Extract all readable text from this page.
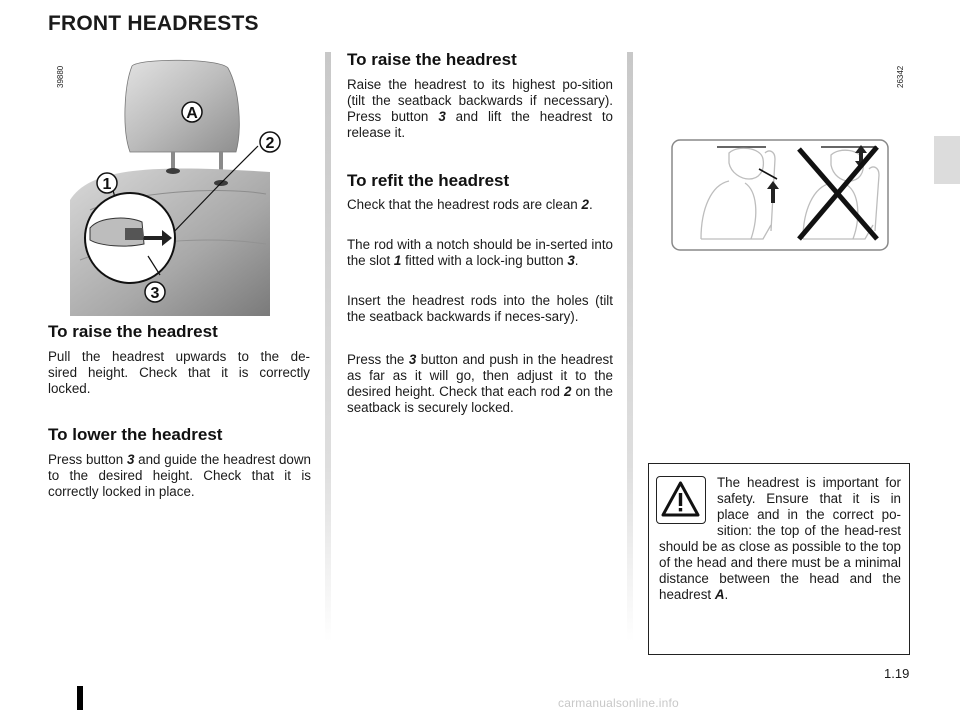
FRONT HEADRESTS
39880	26342
A
2
1
3
To raise the headrest

Pull the headrest upwards to the de-
sired height. Check that it is correctly
locked.

To lower the headrest

Press button 3 and guide the headrest down to the desired height. Check that it is correctly locked in place.

To raise the headrest

Raise the headrest to its highest po-sition (tilt the seatback backwards if necessary). Press button 3 and lift the headrest to release it.

To refit the headrest

Check that the headrest rods are clean 2.

The rod with a notch should be in-serted into the slot 1 fitted with a lock-ing button 3.

Insert the headrest rods into the holes (tilt the seatback backwards if neces-sary).

Press the 3 button and push in the headrest as far as it will go, then adjust it to the desired height. Check that each rod 2 on the seatback is securely locked.

The headrest is important for safety. Ensure that it is in place and in the correct po-sition: the top of the head-rest should be as close as possible to the top of the head and there must be a minimal distance between the head and the headrest A.

1.19
carmanualsonline.info
